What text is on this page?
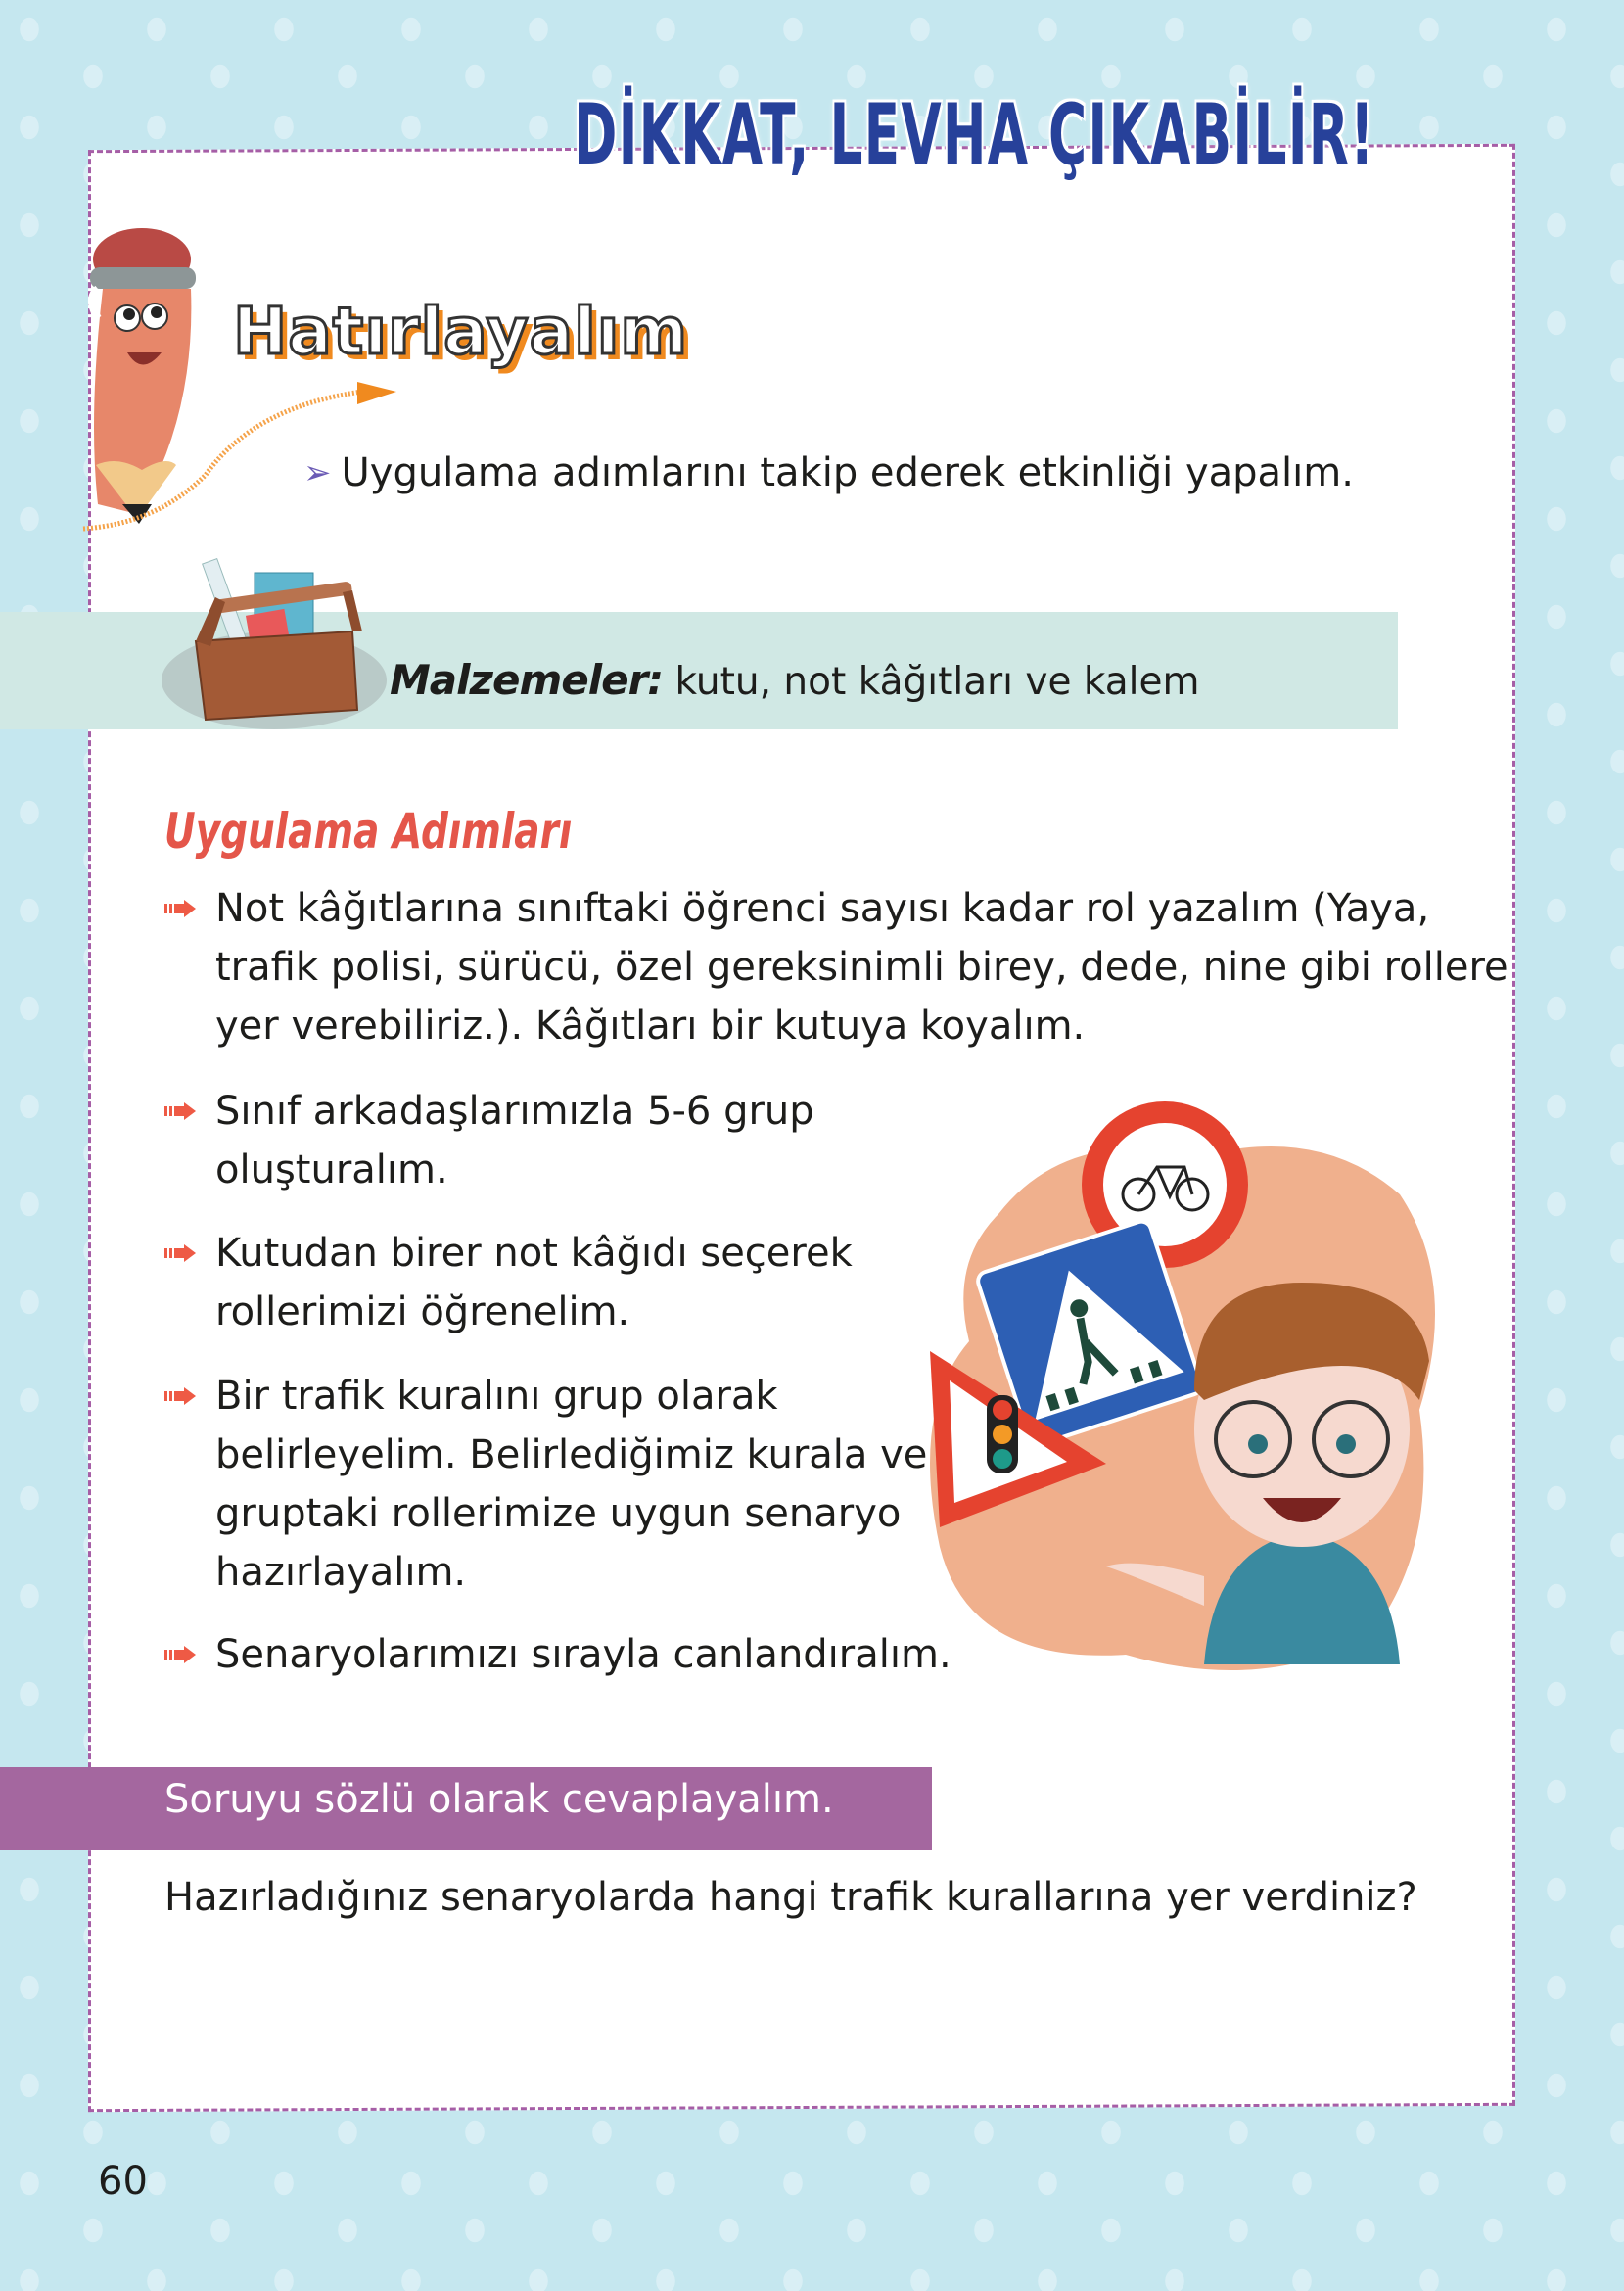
DİKKAT, LEVHA ÇIKABİLİR!
Hatırlayalım
➢ Uygulama adımlarını takip ederek etkinliği yapalım.
Malzemeler: kutu, not kâğıtları ve kalem
Uygulama Adımları
Not kâğıtlarına sınıftaki öğrenci sayısı kadar rol yazalım (Yaya,
trafik polisi, sürücü, özel gereksinimli birey, dede, nine gibi rollere
yer verebiliriz.). Kâğıtları bir kutuya koyalım.
Sınıf arkadaşlarımızla 5-6 grup
oluşturalım.
Kutudan birer not kâğıdı seçerek
rollerimizi öğrenelim.
Bir trafik kuralını grup olarak
belirleyelim. Belirlediğimiz kurala ve
gruptaki rollerimize uygun senaryo
hazırlayalım.
Senaryolarımızı sırayla canlandıralım.
Soruyu sözlü olarak cevaplayalım.
Hazırladığınız senaryolarda hangi trafik kurallarına yer verdiniz?
60
